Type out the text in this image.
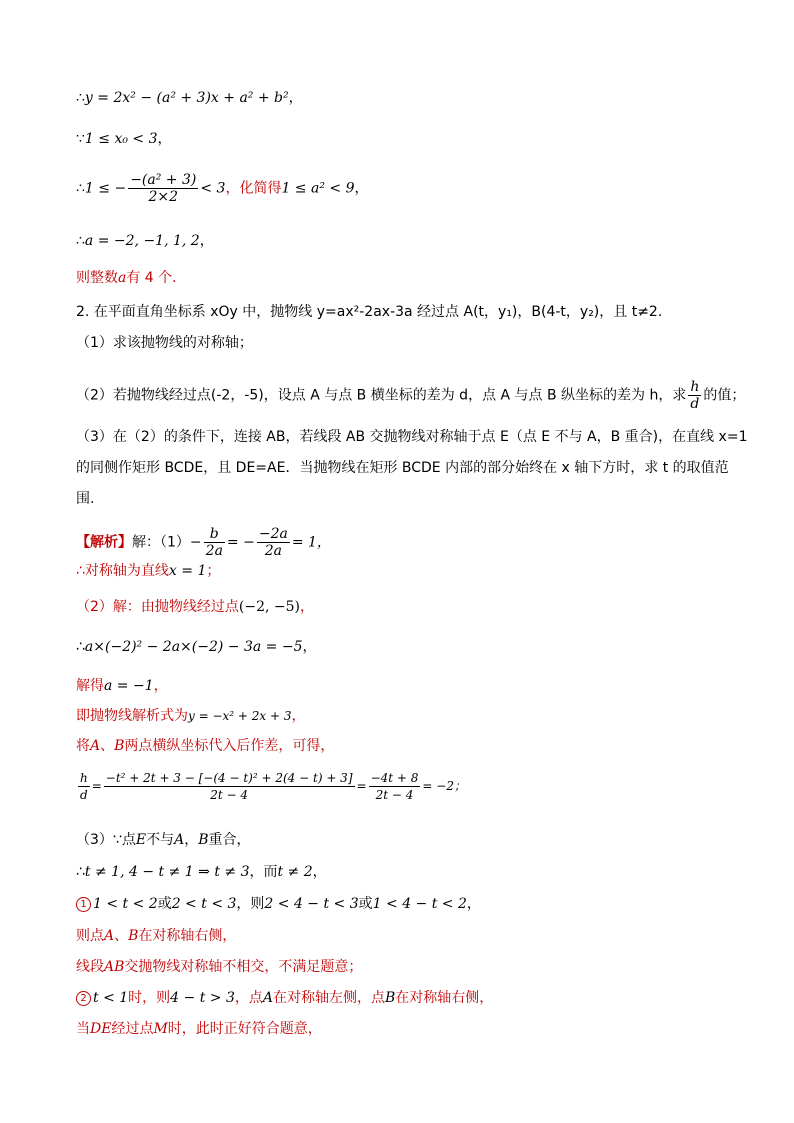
∴y = 2x² − (a² + 3)x + a² + b²，
∵1 ≤ x₀ < 3，
∴1 ≤ − $\frac{\text{−(a² + 3)}}{2\times 2} < 3$，化简得1 ≤ a² < 9，
∴a = −2, −1, 1, 2，
则整数a有 4 个．
2. 在平面直角坐标系 xOy 中，抛物线 y=ax²-2ax-3a 经过点 A(t，y₁)，B(4-t，y₂)，且 t≠2.
（1）求该抛物线的对称轴；
（2）若抛物线经过点(-2，-5)，设点 A 与点 B 横坐标的差为 d，点 A 与点 B 纵坐标的差为 h，求 $\frac{h}{d}$ 的值；
（3）在（2）的条件下，连接 AB，若线段 AB 交抛物线对称轴于点 E（点 E 不与 A，B 重合)，在直线 x=1
的同侧作矩形 BCDE，且 DE=AE．当抛物线在矩形 BCDE 内部的部分始终在 x 轴下方时，求 t 的取值范
围.
【解析】解：$(1)- \frac{b}{2a}$ = − $\frac{-2a}{2a} = 1$，
∴对称轴为直线x = 1；
（2）解：由抛物线经过点(−2, −5)，
∴a×(−2)² − 2a×(−2) − 3a = −5，
解得a = −1，
即抛物线解析式为y = −x² + 2x + 3，
将A、B两点横纵坐标代入后作差，可得，
$\frac{h}{d} = \frac{\text{−t² + 2t + 3 − [−(4 − t)² + 2(4 − t) + 3]}}{2t - 4} = \frac{-4t + 8}{2t - 4} = -2$；
（3）∵点E不与A，B重合，
∴t ≠ 1, 4 − t ≠ 1 ⇒ t ≠ 3，而t ≠ 2，
1 1 < t < 2或2 < t < 3，则2 < 4 − t < 3或1 < 4 − t < 2，
则点A、B在对称轴右侧，
线段AB交抛物线对称轴不相交，不满足题意；
2 t < 1时，则4 − t > 3，点A在对称轴左侧，点B在对称轴右侧，
当DE经过点M时，此时正好符合题意，
